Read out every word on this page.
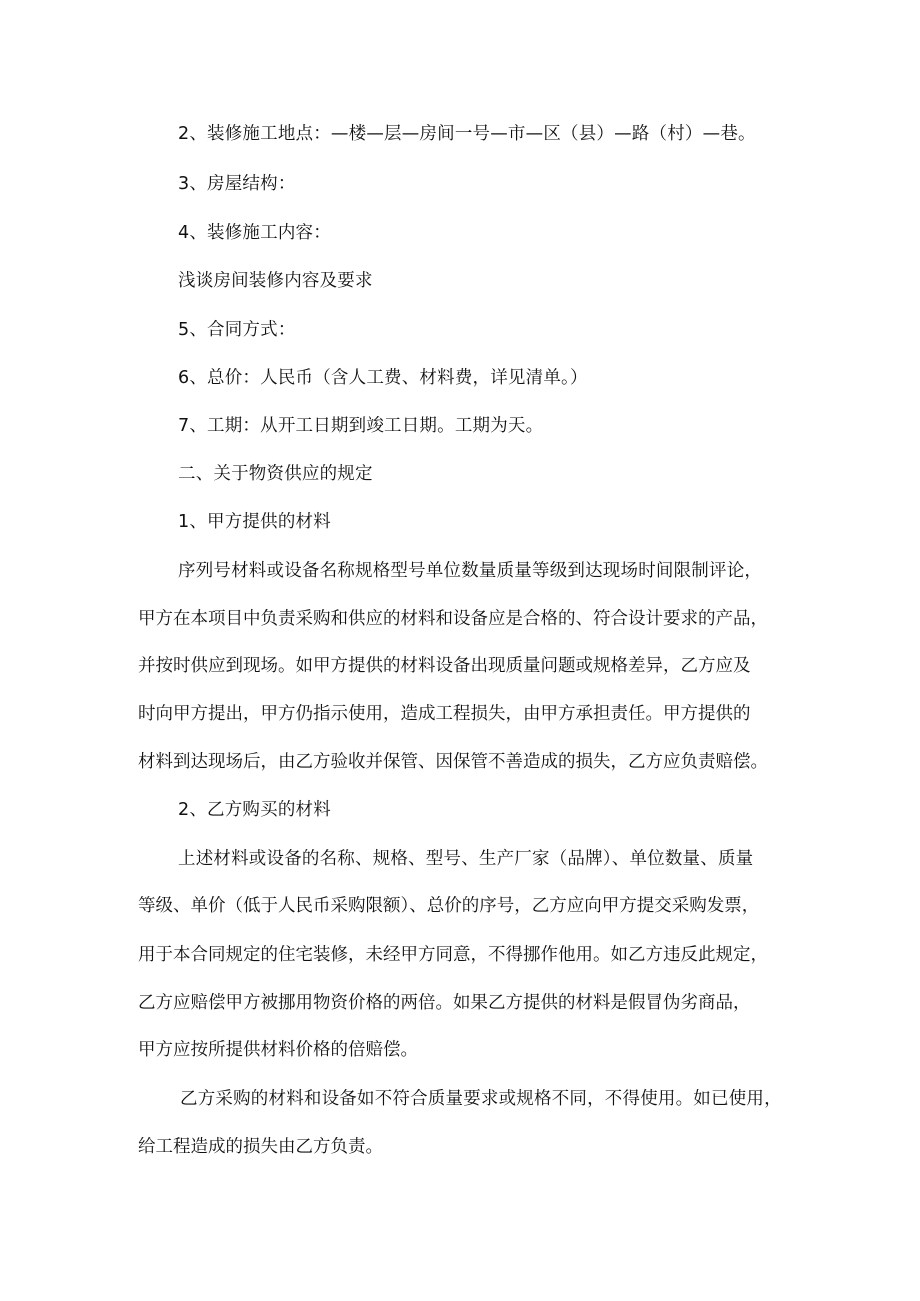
2、装修施工地点：—楼—层—房间一号—市—区（县）—路（村）—巷。
3、房屋结构：
4、装修施工内容：
浅谈房间装修内容及要求
5、合同方式：
6、总价：人民币（含人工费、材料费，详见清单。）
7、工期：从开工日期到竣工日期。工期为天。
二、关于物资供应的规定
1、甲方提供的材料
序列号材料或设备名称规格型号单位数量质量等级到达现场时间限制评论，
甲方在本项目中负责采购和供应的材料和设备应是合格的、符合设计要求的产品，
并按时供应到现场。如甲方提供的材料设备出现质量问题或规格差异，乙方应及
时向甲方提出，甲方仍指示使用，造成工程损失，由甲方承担责任。甲方提供的
材料到达现场后，由乙方验收并保管、因保管不善造成的损失，乙方应负责赔偿。
2、乙方购买的材料
上述材料或设备的名称、规格、型号、生产厂家（品牌）、单位数量、质量
等级、单价（低于人民币采购限额）、总价的序号，乙方应向甲方提交采购发票，
用于本合同规定的住宅装修，未经甲方同意，不得挪作他用。如乙方违反此规定，
乙方应赔偿甲方被挪用物资价格的两倍。如果乙方提供的材料是假冒伪劣商品，
甲方应按所提供材料价格的倍赔偿。
乙方采购的材料和设备如不符合质量要求或规格不同，不得使用。如已使用，
给工程造成的损失由乙方负责。
